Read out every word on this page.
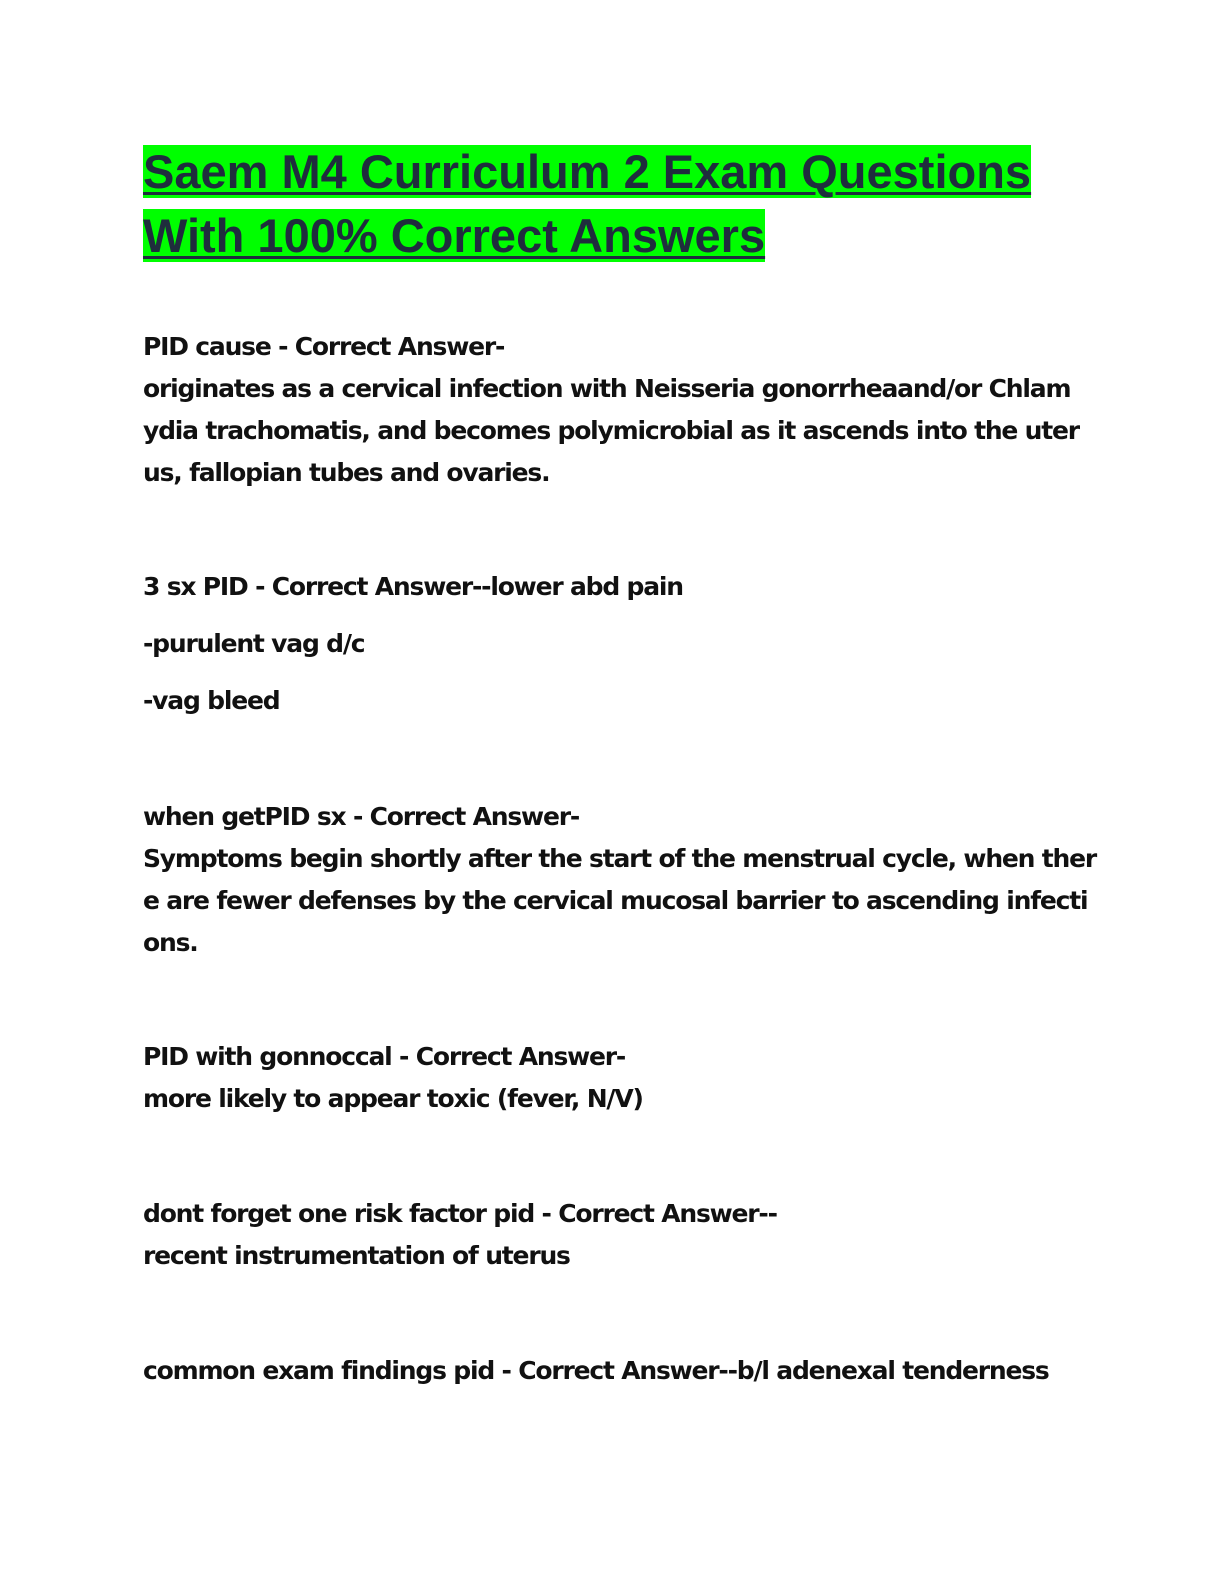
Saem M4 Curriculum 2 Exam Questions
With 100% Correct Answers
PID cause - Correct Answer-
originates as a cervical infection with Neisseria gonorrheaand/or Chlam
ydia trachomatis, and becomes polymicrobial as it ascends into the uter
us, fallopian tubes and ovaries.
3 sx PID - Correct Answer--lower abd pain
-purulent vag d/c
-vag bleed
when getPID sx - Correct Answer-
Symptoms begin shortly after the start of the menstrual cycle, when ther
e are fewer defenses by the cervical mucosal barrier to ascending infecti
ons.
PID with gonnoccal - Correct Answer-
more likely to appear toxic (fever, N/V)
dont forget one risk factor pid - Correct Answer--
recent instrumentation of uterus
common exam findings pid - Correct Answer--b/l adenexal tenderness
